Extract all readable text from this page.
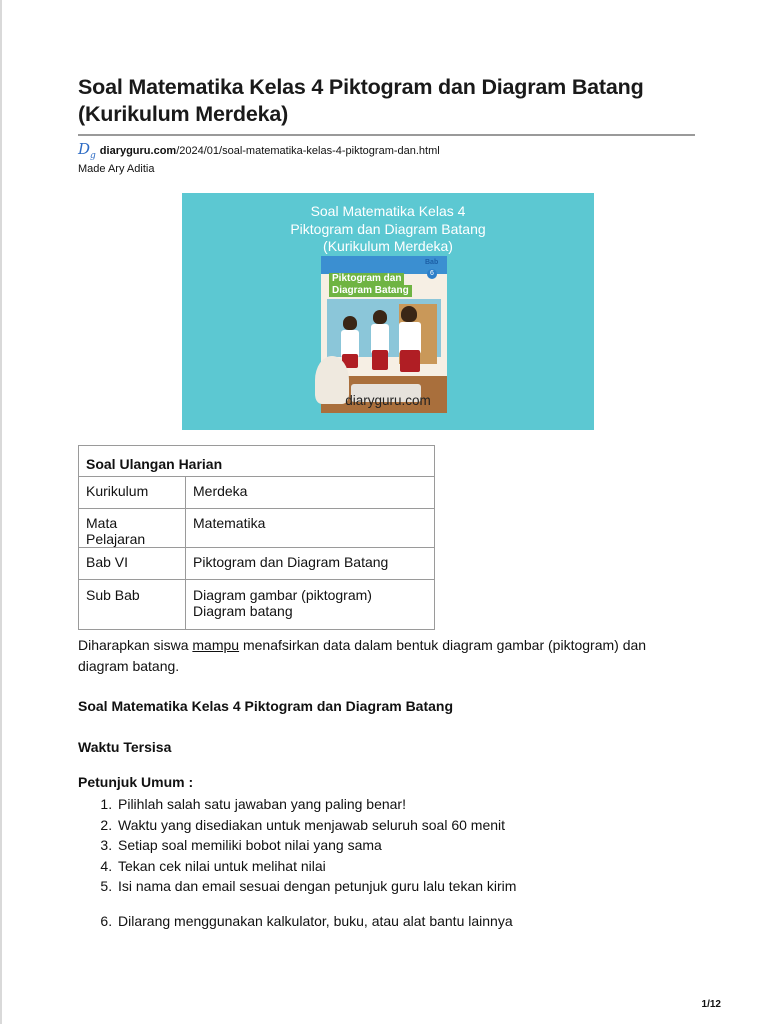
Soal Matematika Kelas 4 Piktogram dan Diagram Batang (Kurikulum Merdeka)
$D_g$ diaryguru.com/2024/01/soal-matematika-kelas-4-piktogram-dan.html
Made Ary Aditia
Soal Matematika Kelas 4
Piktogram dan Diagram Batang
(Kurikulum Merdeka)
Bab
6
Piktogram dan
Diagram Batang
diaryguru.com
Soal Ulangan Harian	
Kurikulum	Merdeka
Mata Pelajaran	Matematika
Bab VI	Piktogram dan Diagram Batang
Sub Bab	Diagram gambar (piktogram)
Diagram batang
Diharapkan siswa mampu menafsirkan data dalam bentuk diagram gambar (piktogram) dan diagram batang.
Soal Matematika Kelas 4 Piktogram dan Diagram Batang
Waktu Tersisa
Petunjuk Umum :
1. Pilihlah salah satu jawaban yang paling benar!
2. Waktu yang disediakan untuk menjawab seluruh soal 60 menit
3. Setiap soal memiliki bobot nilai yang sama
4. Tekan cek nilai untuk melihat nilai
5. Isi nama dan email sesuai dengan petunjuk guru lalu tekan kirim
6. Dilarang menggunakan kalkulator, buku, atau alat bantu lainnya
1/12
